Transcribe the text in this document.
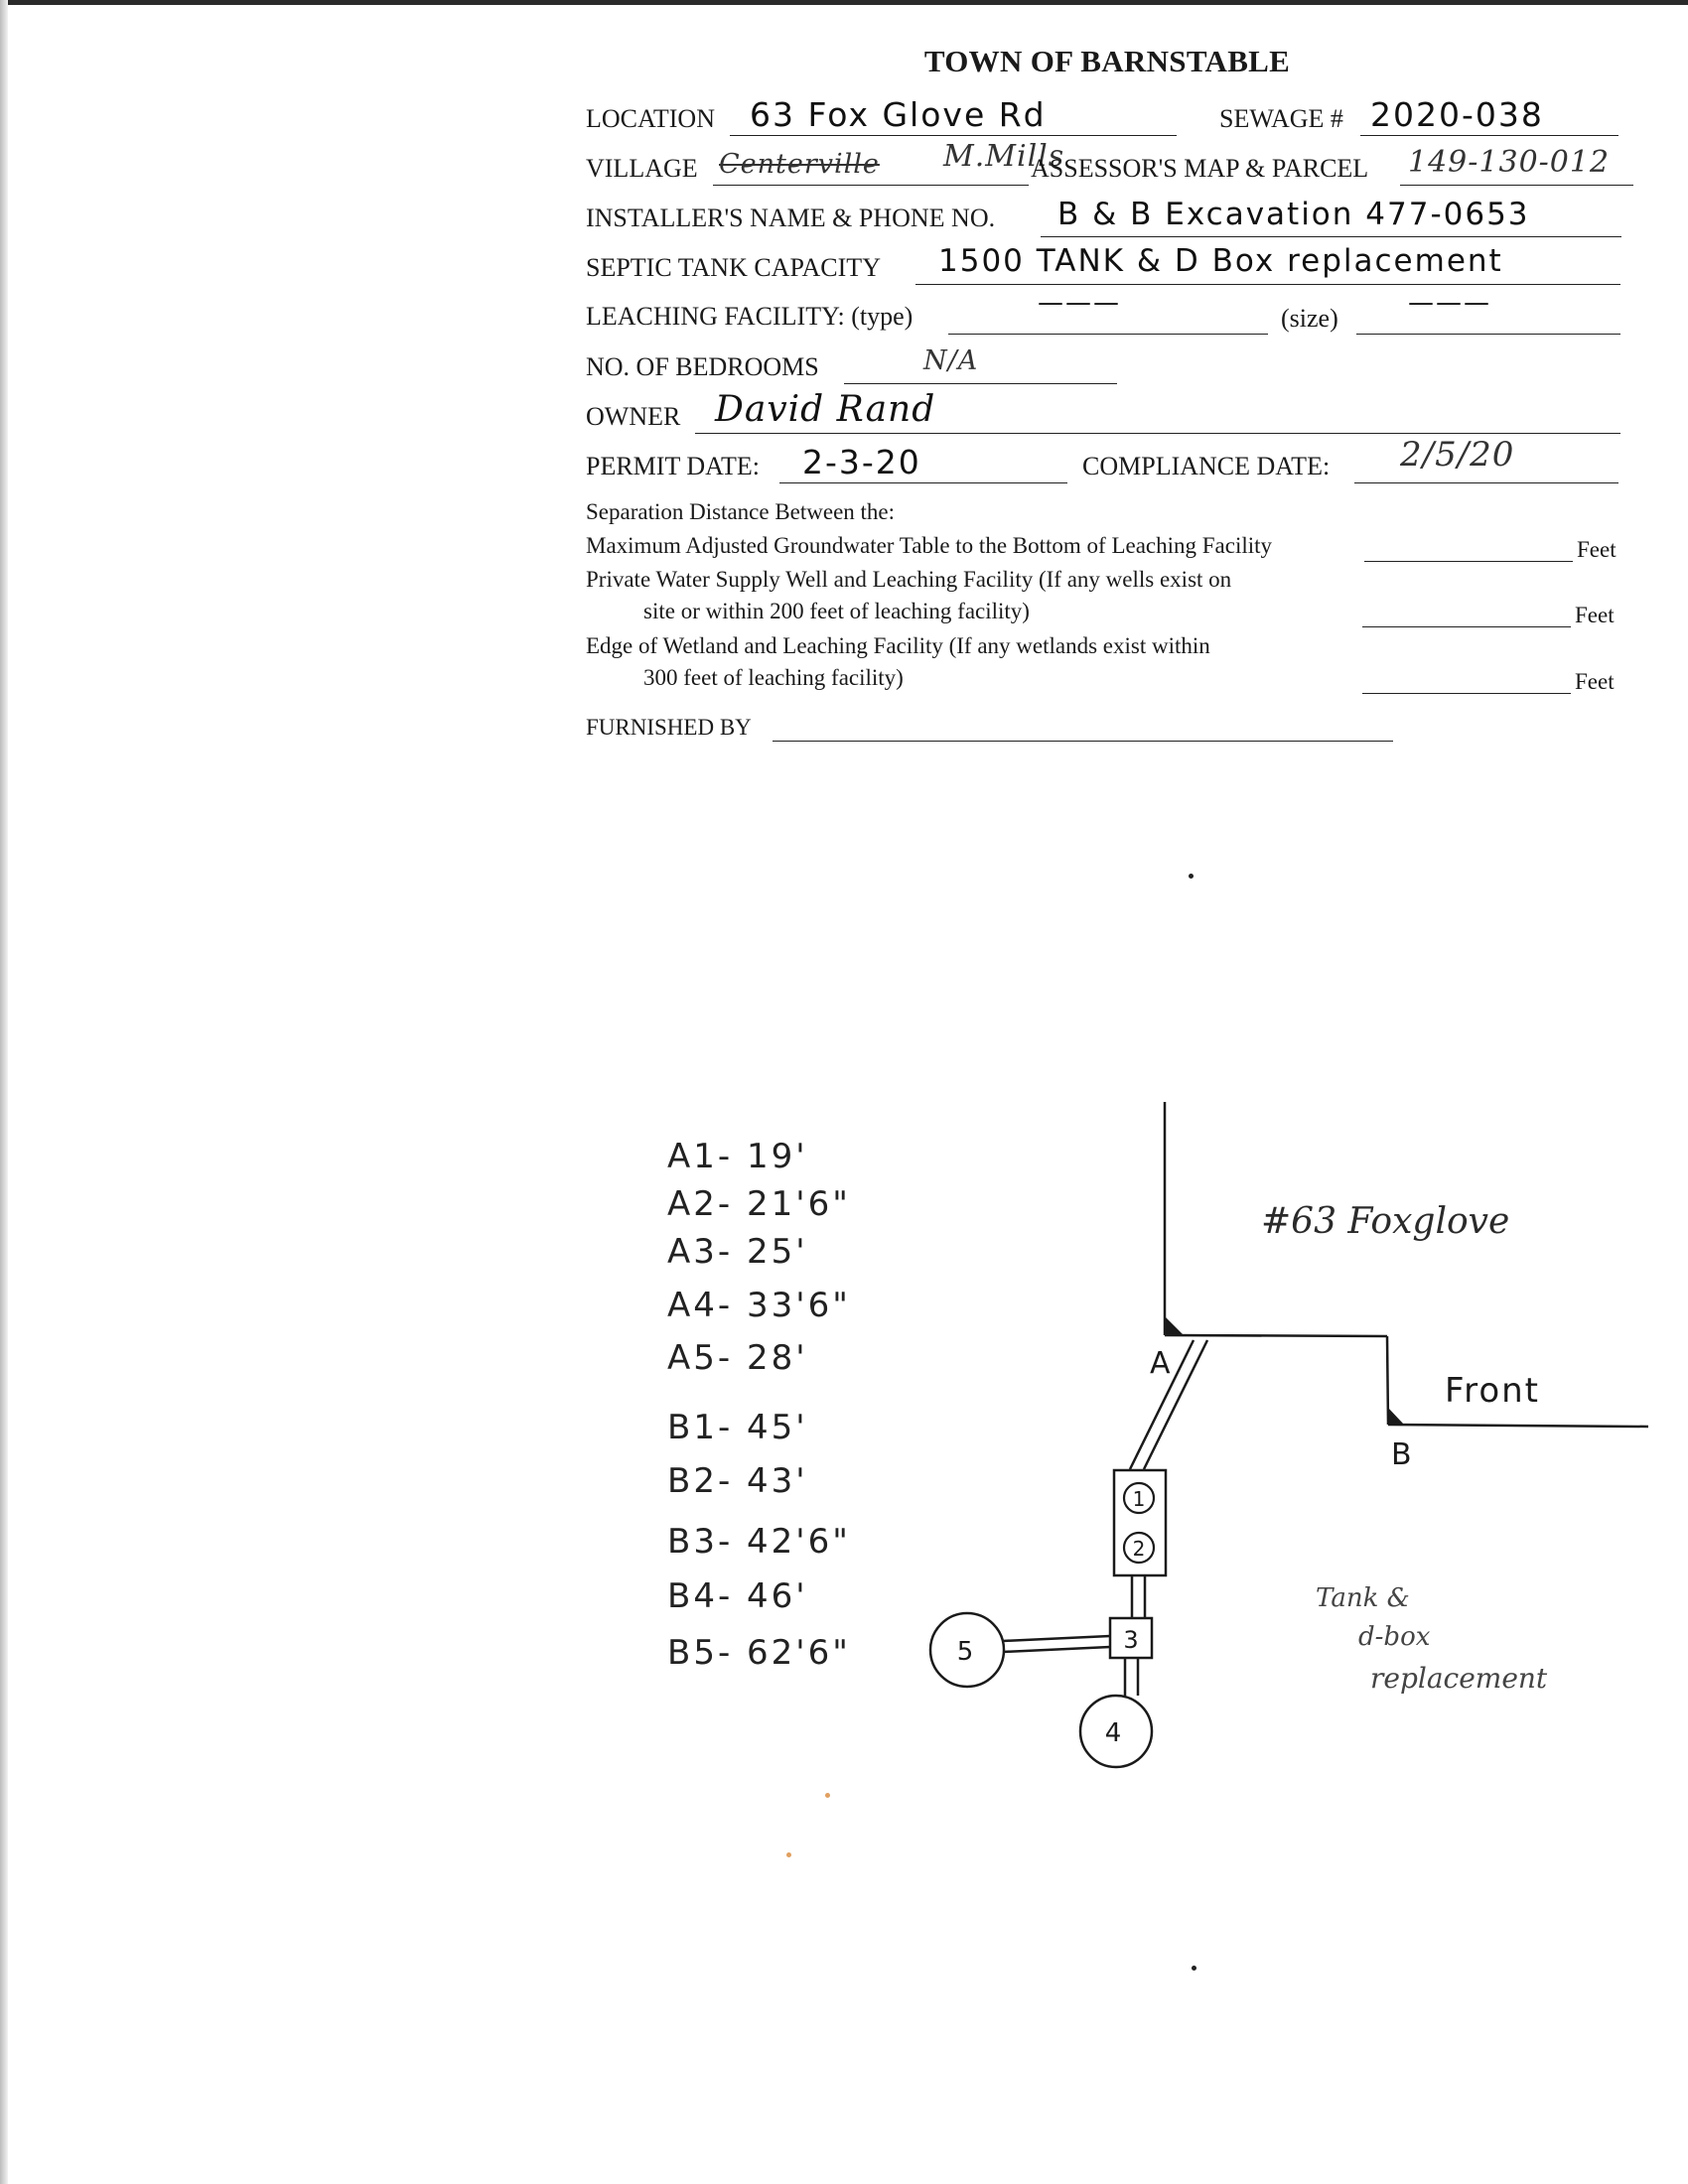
TOWN OF BARNSTABLE
LOCATION 63 Fox Glove Rd	SEWAGE # 2020-038
VILLAGE Centerville M.Mills
ASSESSOR'S MAP & PARCEL 149-130-012
INSTALLER'S NAME & PHONE NO. B & B Excavation 477-0653
SEPTIC TANK CAPACITY 1500 TANK & D Box replacement
LEACHING FACILITY: (type)	———
(size)
———
NO. OF BEDROOMS	N/A
OWNER David Rand
PERMIT DATE: 2-3-20	COMPLIANCE DATE: 2/5/20
Separation Distance Between the:
Maximum Adjusted Groundwater Table to the Bottom of Leaching Facility	Feet
Private Water Supply Well and Leaching Facility (If any wells exist on
site or within 200 feet of leaching facility)	Feet
Edge of Wetland and Leaching Facility (If any wetlands exist within
300 feet of leaching facility)	Feet
FURNISHED BY
A1- 19'
A2- 21'6"
A3- 25'
A4- 33'6"
A5- 28'
B1- 45'
B2- 43'
B3- 42'6"
B4- 46'
B5- 62'6"
1
2
3
4
5
A
B
Front
#63 Foxglove
Tank &
d-box
replacement
